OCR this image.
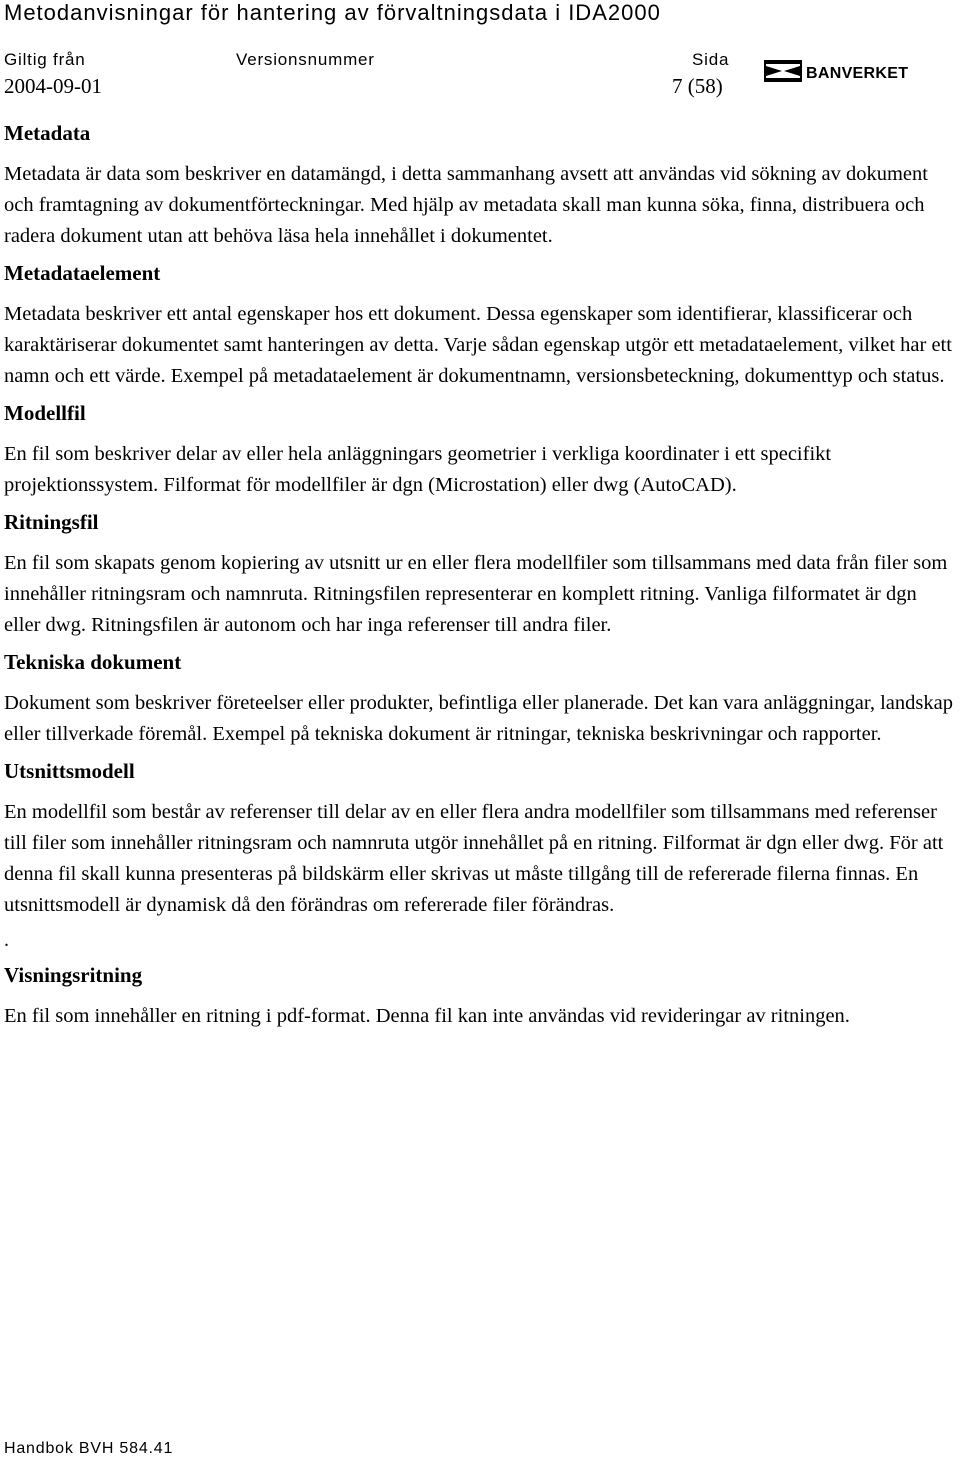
Metodanvisningar för hantering av förvaltningsdata i IDA2000
Giltig från	Versionsnummer	Sida
2004-09-01	7 (58)
BANVERKET
Metadata

Metadata är data som beskriver en datamängd, i detta sammanhang avsett att användas vid sökning av dokument och framtagning av dokumentförteckningar. Med hjälp av metadata skall man kunna söka, finna, distribuera och radera dokument utan att behöva läsa hela innehållet i dokumentet.

Metadataelement

Metadata beskriver ett antal egenskaper hos ett dokument. Dessa egenskaper som identifierar, klassificerar och karaktäriserar dokumentet samt hanteringen av detta. Varje sådan egenskap utgör ett metadataelement, vilket har ett namn och ett värde. Exempel på metadataelement är dokumentnamn, versionsbeteckning, dokumenttyp och status.

Modellfil

En fil som beskriver delar av eller hela anläggningars geometrier i verkliga koordinater i ett specifikt projektionssystem. Filformat för modellfiler är dgn (Microstation) eller dwg (AutoCAD).

Ritningsfil

En fil som skapats genom kopiering av utsnitt ur en eller flera modellfiler som tillsammans med data från filer som innehåller ritningsram och namnruta. Ritningsfilen representerar en komplett ritning. Vanliga filformatet är dgn eller dwg. Ritningsfilen är autonom och har inga referenser till andra filer.

Tekniska dokument

Dokument som beskriver företeelser eller produkter, befintliga eller planerade. Det kan vara anläggningar, landskap eller tillverkade föremål. Exempel på tekniska dokument är ritningar, tekniska beskrivningar och rapporter.

Utsnittsmodell

En modellfil som består av referenser till delar av en eller flera andra modellfiler som tillsammans med referenser till filer som innehåller ritningsram och namnruta utgör innehållet på en ritning. Filformat är dgn eller dwg. För att denna fil skall kunna presenteras på bildskärm eller skrivas ut måste tillgång till de refererade filerna finnas. En utsnittsmodell är dynamisk då den förändras om refererade filer förändras.

.

Visningsritning

En fil som innehåller en ritning i pdf-format. Denna fil kan inte användas vid revideringar av ritningen.

Handbok BVH 584.41
